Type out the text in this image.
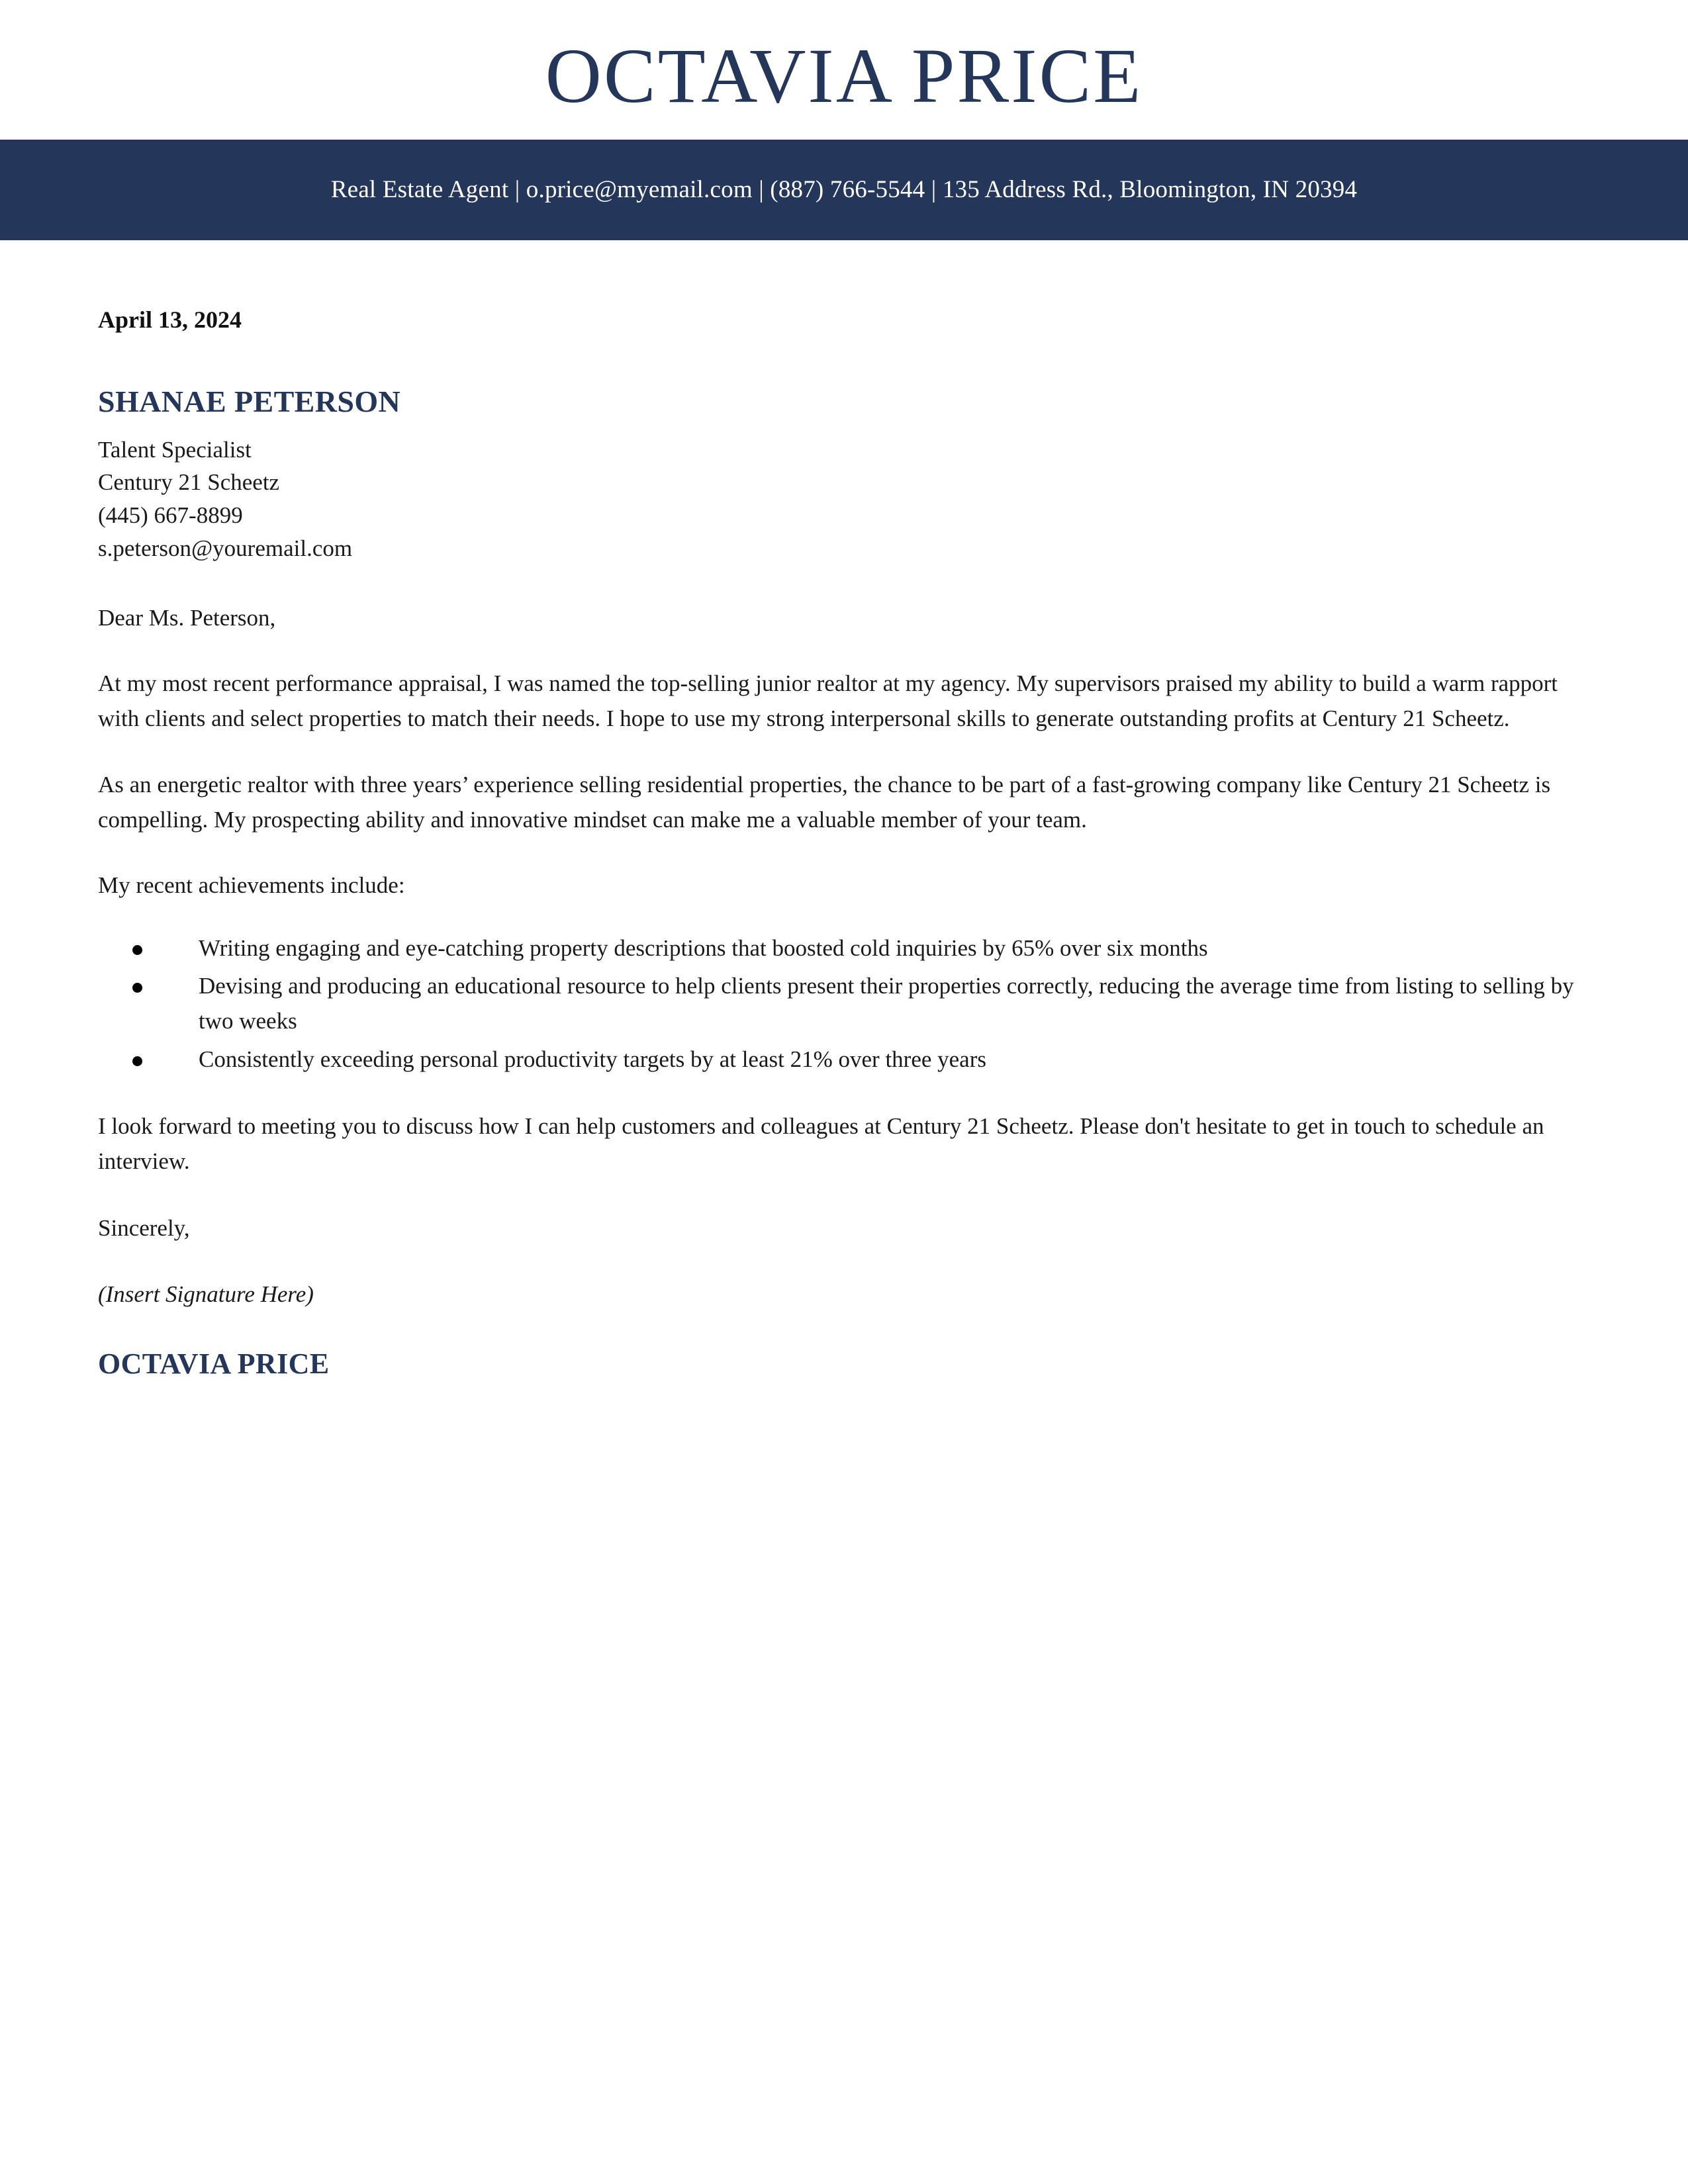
OCTAVIA PRICE
Real Estate Agent | o.price@myemail.com | (887) 766-5544 | 135 Address Rd., Bloomington, IN 20394

April 13, 2024

SHANAE PETERSON

Talent Specialist

Century 21 Scheetz

(445) 667-8899

s.peterson@youremail.com

Dear Ms. Peterson,

At my most recent performance appraisal, I was named the top-selling junior realtor at my agency. My supervisors praised my ability to build a warm rapport with clients and select properties to match their needs. I hope to use my strong interpersonal skills to generate outstanding profits at Century 21 Scheetz.

As an energetic realtor with three years’ experience selling residential properties, the chance to be part of a fast-growing company like Century 21 Scheetz is compelling. My prospecting ability and innovative mindset can make me a valuable member of your team.

My recent achievements include:

Writing engaging and eye-catching property descriptions that boosted cold inquiries by 65% over six months
Devising and producing an educational resource to help clients present their properties correctly, reducing the average time from listing to selling by two weeks
Consistently exceeding personal productivity targets by at least 21% over three years

I look forward to meeting you to discuss how I can help customers and colleagues at Century 21 Scheetz. Please don't hesitate to get in touch to schedule an interview.

Sincerely,

(Insert Signature Here)

OCTAVIA PRICE
